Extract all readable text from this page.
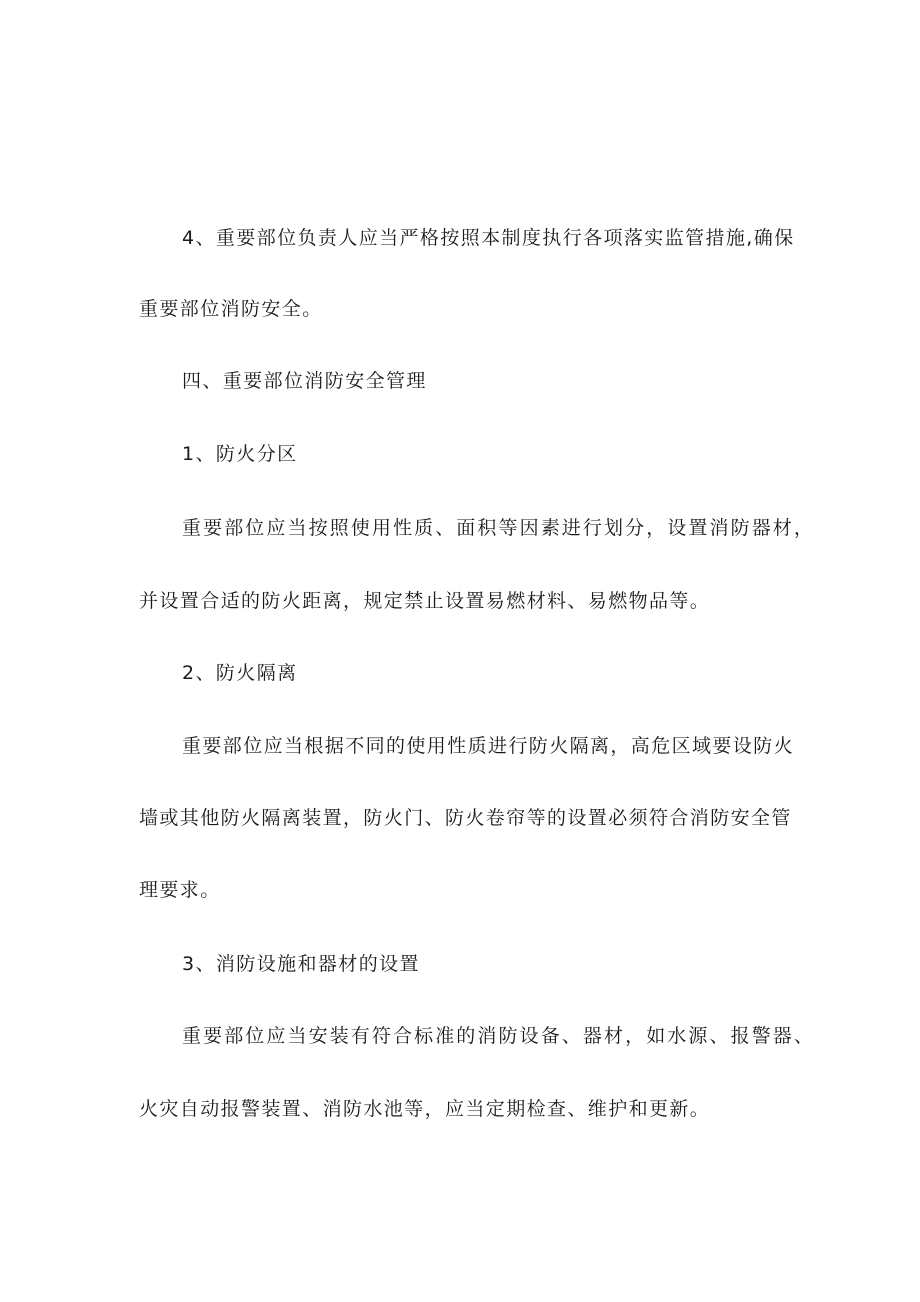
4、重要部位负责人应当严格按照本制度执行各项落实监管措施,确保
重要部位消防安全。
四、重要部位消防安全管理
1、防火分区
重要部位应当按照使用性质、面积等因素进行划分，设置消防器材，
并设置合适的防火距离，规定禁止设置易燃材料、易燃物品等。
2、防火隔离
重要部位应当根据不同的使用性质进行防火隔离，高危区域要设防火
墙或其他防火隔离装置，防火门、防火卷帘等的设置必须符合消防安全管
理要求。
3、消防设施和器材的设置
重要部位应当安装有符合标准的消防设备、器材，如水源、报警器、
火灾自动报警装置、消防水池等，应当定期检查、维护和更新。
